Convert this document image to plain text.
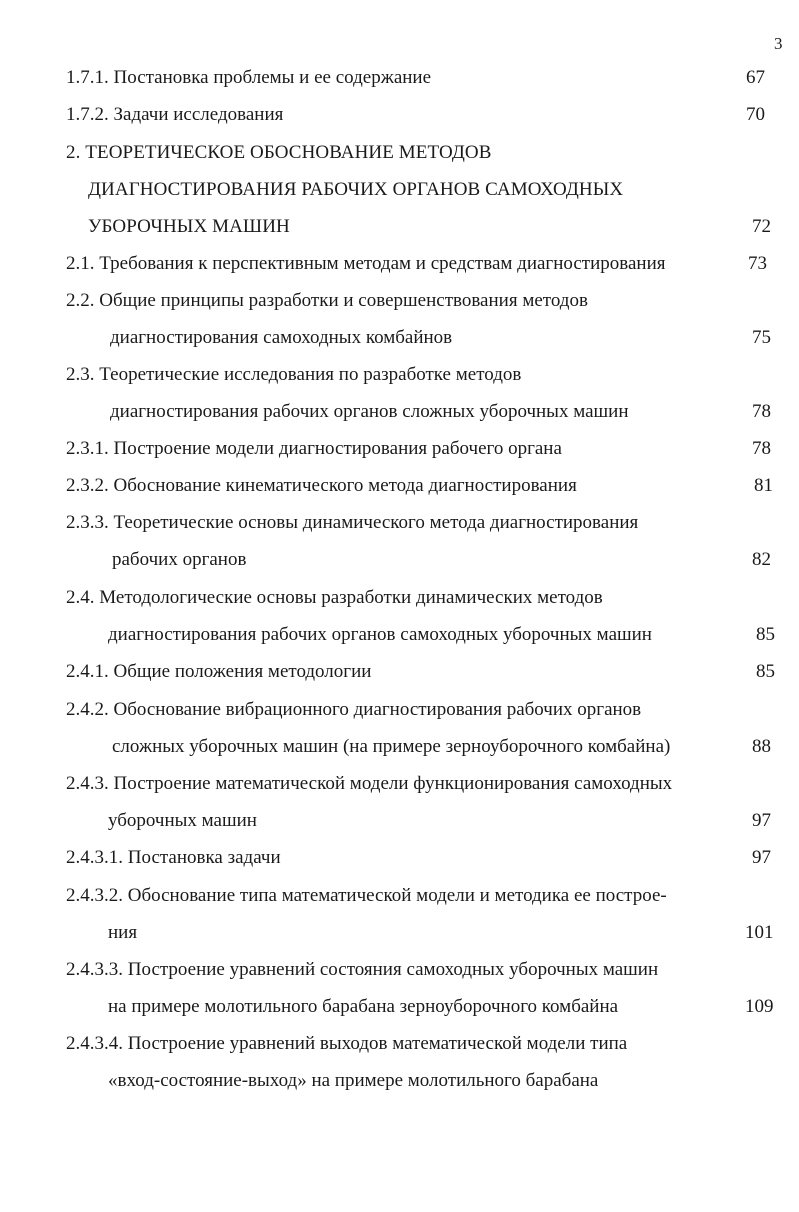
3
1.7.1. Постановка проблемы и ее содержание	67
1.7.2. Задачи исследования	70
2. ТЕОРЕТИЧЕСКОЕ ОБОСНОВАНИЕ МЕТОДОВ
ДИАГНОСТИРОВАНИЯ РАБОЧИХ ОРГАНОВ САМОХОДНЫХ
УБОРОЧНЫХ МАШИН	72
2.1. Требования к перспективным методам и средствам диагностирования	73
2.2. Общие принципы разработки и совершенствования методов
диагностирования самоходных комбайнов	75
2.3. Теоретические исследования по разработке методов
диагностирования рабочих органов сложных уборочных машин	78
2.3.1. Построение модели диагностирования рабочего органа	78
2.3.2. Обоснование кинематического метода диагностирования	81
2.3.3. Теоретические основы динамического метода диагностирования
рабочих органов	82
2.4. Методологические основы разработки динамических методов
диагностирования рабочих органов самоходных уборочных машин	85
2.4.1. Общие положения методологии	85
2.4.2. Обоснование вибрационного диагностирования рабочих органов
сложных уборочных машин (на примере зерноуборочного комбайна)	88
2.4.3. Построение математической модели функционирования самоходных
уборочных машин	97
2.4.3.1. Постановка задачи	97
2.4.3.2. Обоснование типа математической модели и методика ее построе-
ния	101
2.4.3.3. Построение уравнений состояния самоходных уборочных машин
на примере молотильного барабана зерноуборочного комбайна	109
2.4.3.4. Построение уравнений выходов математической модели типа
«вход-состояние-выход» на примере молотильного барабана
